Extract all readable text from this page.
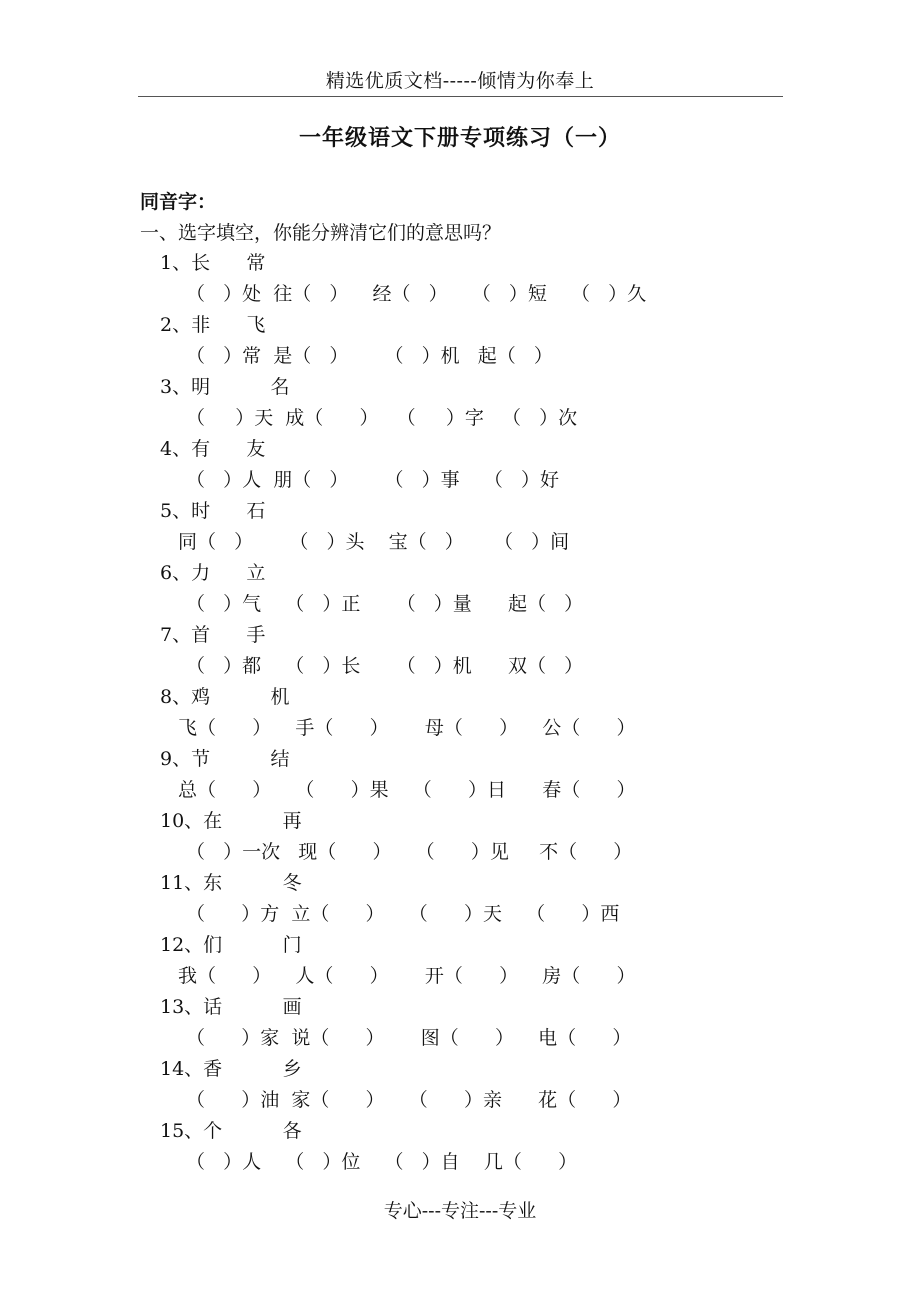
精选优质文档-----倾情为你奉上
一年级语文下册专项练习（一）
同音字：
一、选字填空，你能分辨清它们的意思吗？
1、长      常
（   ）处  往（   ）    经（   ）    （   ）短    （   ）久
2、非      飞
（   ）常  是（   ）      （   ）机   起（   ）
3、明          名
（     ）天  成（      ）   （     ）字   （   ）次
4、有      友
（   ）人  朋（   ）      （   ）事    （   ）好
5、时      石
同（   ）      （   ）头    宝（   ）     （   ）间
6、力      立
（   ）气    （   ）正      （   ）量      起（   ）
7、首      手
（   ）都    （   ）长      （   ）机      双（   ）
8、鸡          机
飞（      ）    手（      ）      母（      ）    公（      ）
9、节          结
总（      ）    （      ）果    （      ）日      春（      ）
10、在          再
（   ）一次   现（      ）    （      ）见     不（      ）
11、东          冬
（      ）方  立（      ）    （      ）天    （      ）西
12、们          门
我（      ）    人（      ）      开（      ）    房（      ）
13、话          画
（      ）家  说（      ）      图（      ）    电（      ）
14、香          乡
（      ）油  家（      ）    （      ）亲      花（      ）
15、个          各
（   ）人    （   ）位    （   ）自    几（      ）
专心---专注---专业
